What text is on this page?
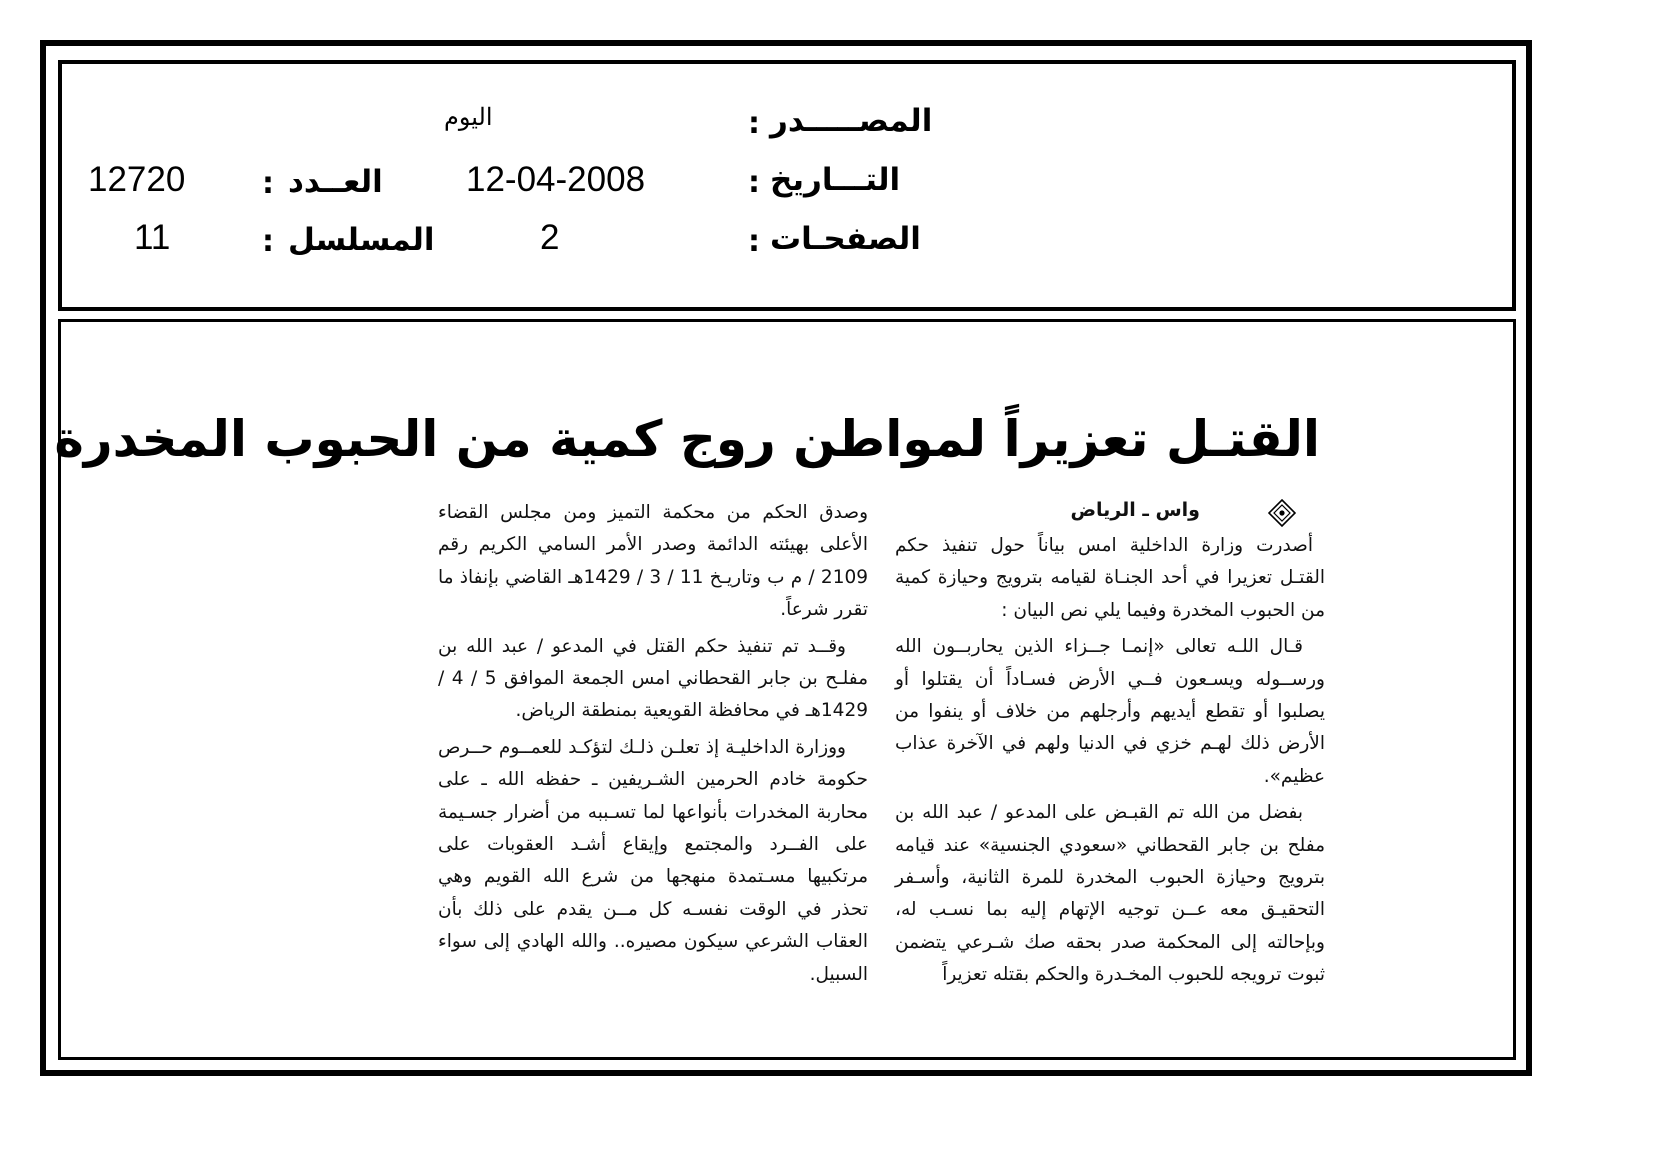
المصـــــدر
:
اليوم
التـــاريخ
:
12-04-2008
العــدد
:
12720
الصفحـات
:
2
المسلسل
:
11
القتـل تعزيراً لمواطن روج كمية من الحبوب المخدرة
واس ـ الرياض

أصدرت وزارة الداخلية امس بياناً حول تنفيذ حكم القتـل تعزيرا في أحد الجنـاة لقيامه بترويج وحيازة كمية من الحبوب المخدرة وفيما يلي نص البيان :

قـال اللـه تعالى «إنمـا جــزاء الذين يحاربــون الله ورســوله ويسـعون فــي الأرض فسـاداً أن يقتلوا أو يصلبوا أو تقطع أيديهم وأرجلهم من خلاف أو ينفوا من الأرض ذلك لهـم خزي في الدنيا ولهم في الآخرة عذاب عظيم».

بفضل من الله تم القبـض على المدعو / عبد الله بن مفلح بن جابر القحطاني «سعودي الجنسية» عند قيامه بترويج وحيازة الحبوب المخدرة للمرة الثانية، وأسـفر التحقيـق معه عــن توجيه الإتهام إليه بما نسـب له، وبإحالته إلى المحكمة صدر بحقه صك شـرعي يتضمن ثبوت ترويجه للحبوب المخـدرة والحكم بقتله تعزيراً

وصدق الحكم من محكمة التميز ومن مجلس القضاء الأعلى بهيئته الدائمة وصدر الأمر السامي الكريم رقم 2109 / م ب وتاريـخ 11 / 3 / 1429هـ القاضي بإنفاذ ما تقرر شرعاً.

وقــد تم تنفيذ حكم القتل في المدعو / عبد الله بن مفلـح بن جابر القحطاني امس الجمعة الموافق 5 / 4 / 1429هـ في محافظة القويعية بمنطقة الرياض.

ووزارة الداخليـة إذ تعلـن ذلـك لتؤكـد للعمــوم حــرص حكومة خادم الحرمين الشـريفين ـ حفظه الله ـ على محاربة المخدرات بأنواعها لما تسـببه من أضرار جسـيمة على الفــرد والمجتمع وإيقاع أشـد العقوبات على مرتكبيها مسـتمدة منهجها من شرع الله القويم وهي تحذر في الوقت نفسـه كل مــن يقدم على ذلك بأن العقاب الشرعي سيكون مصيره.. والله الهادي إلى سواء السبيل.
